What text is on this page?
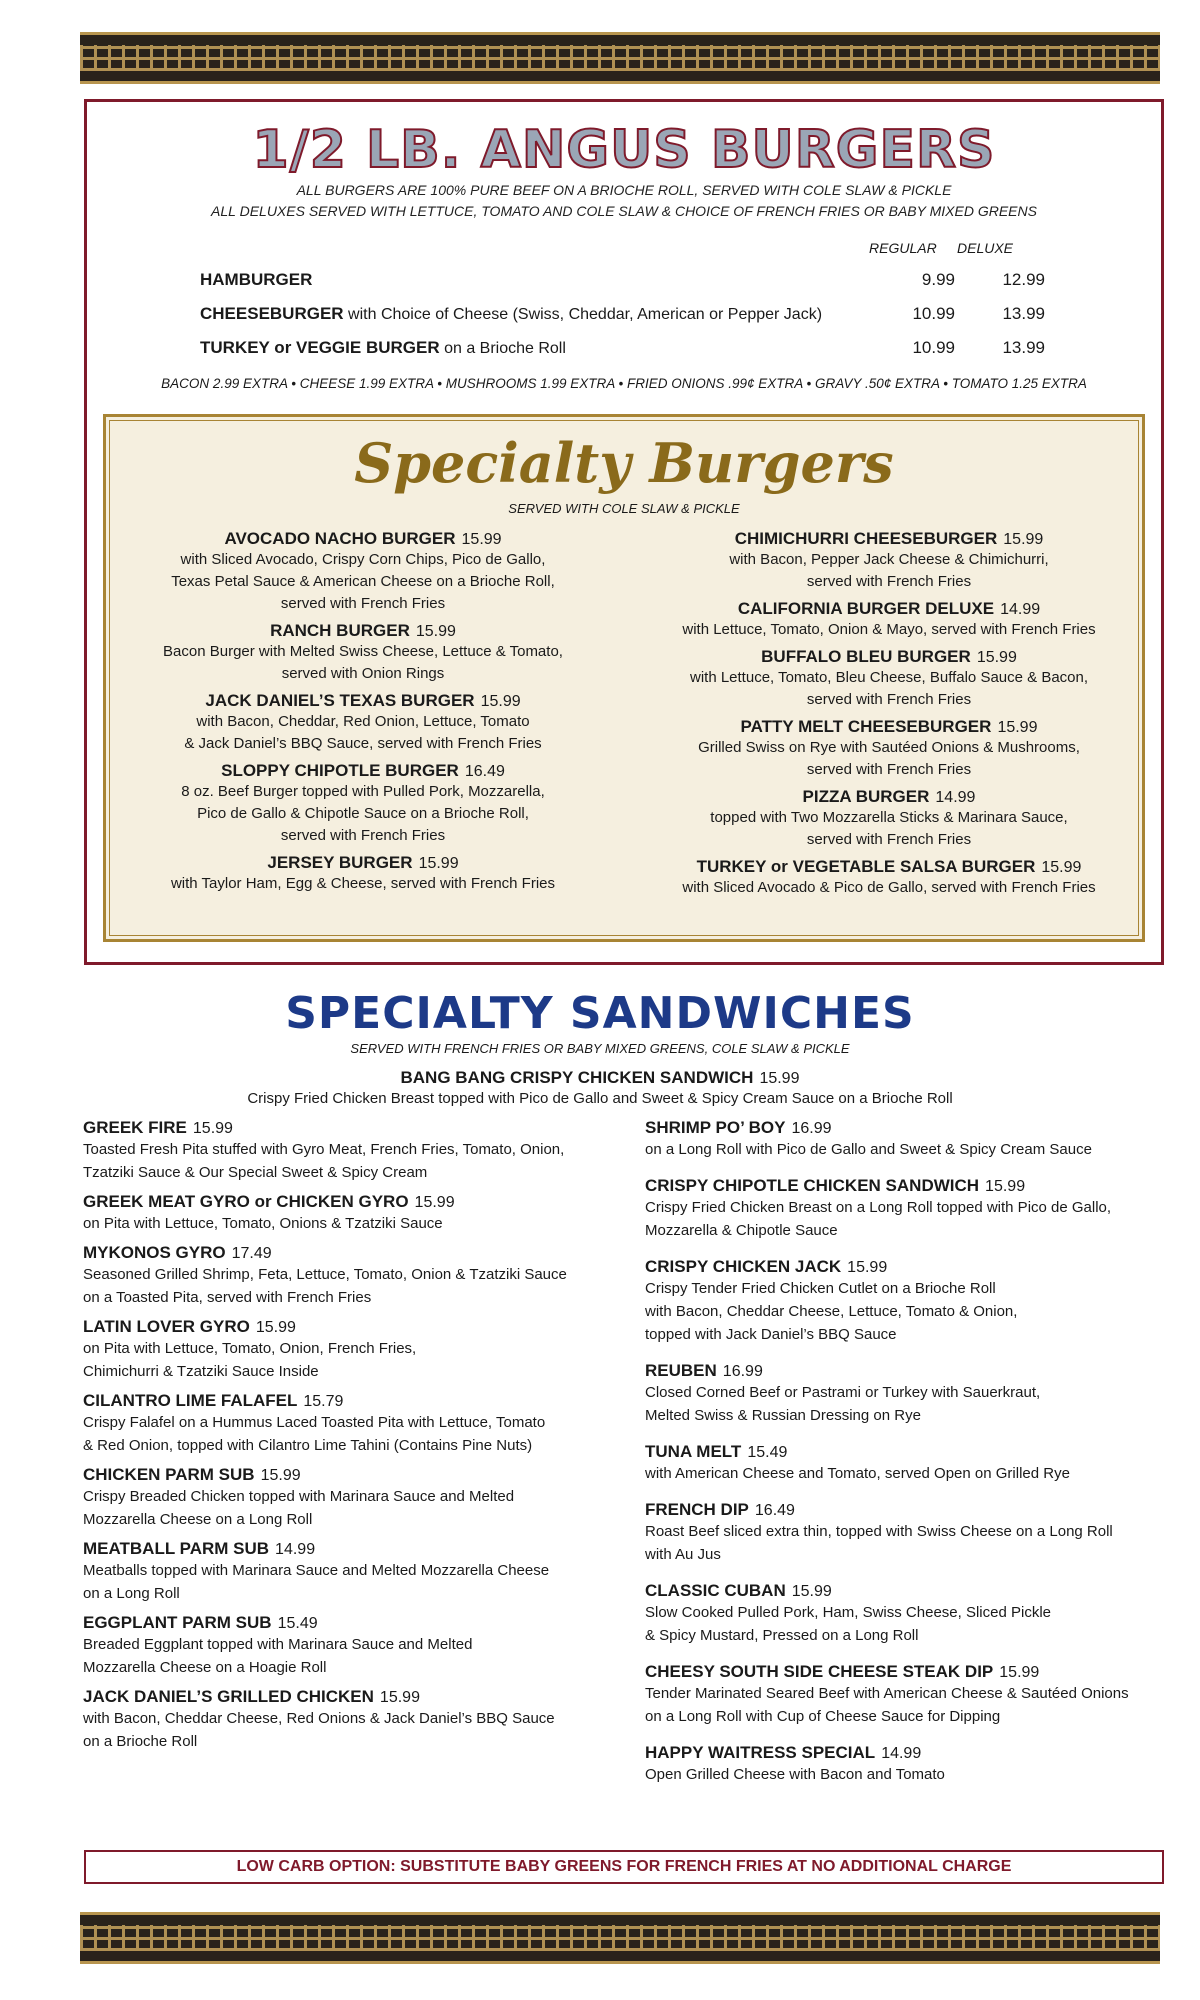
1/2 LB. ANGUS BURGERS
ALL BURGERS ARE 100% PURE BEEF ON A BRIOCHE ROLL, SERVED WITH COLE SLAW & PICKLE
ALL DELUXES SERVED WITH LETTUCE, TOMATO AND COLE SLAW & CHOICE OF FRENCH FRIES OR BABY MIXED GREENS
REGULAR DELUXE
HAMBURGER	9.99	12.99
CHEESEBURGER with Choice of Cheese (Swiss, Cheddar, American or Pepper Jack)	10.99	13.99
TURKEY or VEGGIE BURGER on a Brioche Roll	10.99	13.99
BACON 2.99 EXTRA • CHEESE 1.99 EXTRA • MUSHROOMS 1.99 EXTRA • FRIED ONIONS .99¢ EXTRA • GRAVY .50¢ EXTRA • TOMATO 1.25 EXTRA
Specialty Burgers
SERVED WITH COLE SLAW & PICKLE
AVOCADO NACHO BURGER 15.99
with Sliced Avocado, Crispy Corn Chips, Pico de Gallo,
Texas Petal Sauce & American Cheese on a Brioche Roll,
served with French Fries
RANCH BURGER 15.99
Bacon Burger with Melted Swiss Cheese, Lettuce & Tomato,
served with Onion Rings
JACK DANIEL’S TEXAS BURGER 15.99
with Bacon, Cheddar, Red Onion, Lettuce, Tomato
& Jack Daniel’s BBQ Sauce, served with French Fries
SLOPPY CHIPOTLE BURGER 16.49
8 oz. Beef Burger topped with Pulled Pork, Mozzarella,
Pico de Gallo & Chipotle Sauce on a Brioche Roll,
served with French Fries
JERSEY BURGER 15.99
with Taylor Ham, Egg & Cheese, served with French Fries
CHIMICHURRI CHEESEBURGER 15.99
with Bacon, Pepper Jack Cheese & Chimichurri,
served with French Fries
CALIFORNIA BURGER DELUXE 14.99
with Lettuce, Tomato, Onion & Mayo, served with French Fries
BUFFALO BLEU BURGER 15.99
with Lettuce, Tomato, Bleu Cheese, Buffalo Sauce & Bacon,
served with French Fries
PATTY MELT CHEESEBURGER 15.99
Grilled Swiss on Rye with Sautéed Onions & Mushrooms,
served with French Fries
PIZZA BURGER 14.99
topped with Two Mozzarella Sticks & Marinara Sauce,
served with French Fries
TURKEY or VEGETABLE SALSA BURGER 15.99
with Sliced Avocado & Pico de Gallo, served with French Fries
SPECIALTY SANDWICHES
SERVED WITH FRENCH FRIES OR BABY MIXED GREENS, COLE SLAW & PICKLE
BANG BANG CRISPY CHICKEN SANDWICH 15.99
Crispy Fried Chicken Breast topped with Pico de Gallo and Sweet & Spicy Cream Sauce on a Brioche Roll
GREEK FIRE 15.99
Toasted Fresh Pita stuffed with Gyro Meat, French Fries, Tomato, Onion,
Tzatziki Sauce & Our Special Sweet & Spicy Cream
GREEK MEAT GYRO or CHICKEN GYRO 15.99
on Pita with Lettuce, Tomato, Onions & Tzatziki Sauce
MYKONOS GYRO 17.49
Seasoned Grilled Shrimp, Feta, Lettuce, Tomato, Onion & Tzatziki Sauce
on a Toasted Pita, served with French Fries
LATIN LOVER GYRO 15.99
on Pita with Lettuce, Tomato, Onion, French Fries,
Chimichurri & Tzatziki Sauce Inside
CILANTRO LIME FALAFEL 15.79
Crispy Falafel on a Hummus Laced Toasted Pita with Lettuce, Tomato
& Red Onion, topped with Cilantro Lime Tahini (Contains Pine Nuts)
CHICKEN PARM SUB 15.99
Crispy Breaded Chicken topped with Marinara Sauce and Melted
Mozzarella Cheese on a Long Roll
MEATBALL PARM SUB 14.99
Meatballs topped with Marinara Sauce and Melted Mozzarella Cheese
on a Long Roll
EGGPLANT PARM SUB 15.49
Breaded Eggplant topped with Marinara Sauce and Melted
Mozzarella Cheese on a Hoagie Roll
JACK DANIEL’S GRILLED CHICKEN 15.99
with Bacon, Cheddar Cheese, Red Onions & Jack Daniel’s BBQ Sauce
on a Brioche Roll
SHRIMP PO’ BOY 16.99
on a Long Roll with Pico de Gallo and Sweet & Spicy Cream Sauce
CRISPY CHIPOTLE CHICKEN SANDWICH 15.99
Crispy Fried Chicken Breast on a Long Roll topped with Pico de Gallo,
Mozzarella & Chipotle Sauce
CRISPY CHICKEN JACK 15.99
Crispy Tender Fried Chicken Cutlet on a Brioche Roll
with Bacon, Cheddar Cheese, Lettuce, Tomato & Onion,
topped with Jack Daniel’s BBQ Sauce
REUBEN 16.99
Closed Corned Beef or Pastrami or Turkey with Sauerkraut,
Melted Swiss & Russian Dressing on Rye
TUNA MELT 15.49
with American Cheese and Tomato, served Open on Grilled Rye
FRENCH DIP 16.49
Roast Beef sliced extra thin, topped with Swiss Cheese on a Long Roll
with Au Jus
CLASSIC CUBAN 15.99
Slow Cooked Pulled Pork, Ham, Swiss Cheese, Sliced Pickle
& Spicy Mustard, Pressed on a Long Roll
CHEESY SOUTH SIDE CHEESE STEAK DIP 15.99
Tender Marinated Seared Beef with American Cheese & Sautéed Onions
on a Long Roll with Cup of Cheese Sauce for Dipping
HAPPY WAITRESS SPECIAL 14.99
Open Grilled Cheese with Bacon and Tomato
LOW CARB OPTION: SUBSTITUTE BABY GREENS FOR FRENCH FRIES AT NO ADDITIONAL CHARGE
